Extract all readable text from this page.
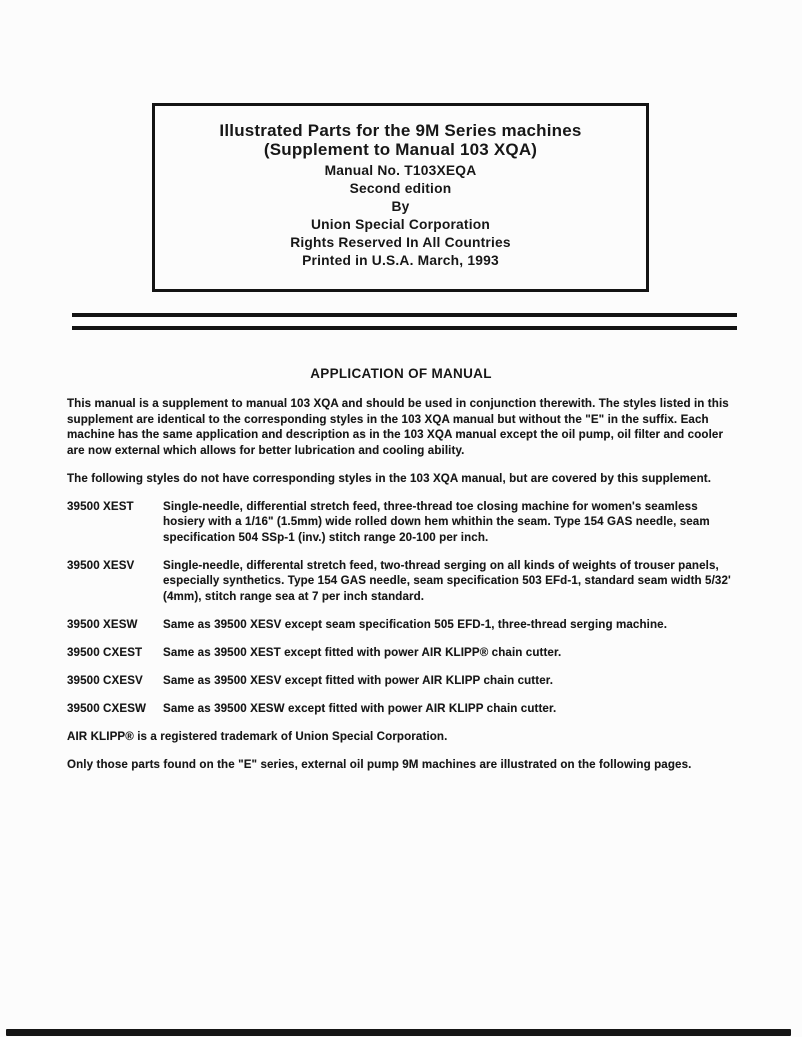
Illustrated Parts for the 9M Series machines
(Supplement to Manual 103 XQA)
Manual No. T103XEQA
Second edition
By
Union Special Corporation
Rights Reserved In All Countries
Printed in U.S.A. March, 1993
APPLICATION OF MANUAL

This manual is a supplement to manual 103 XQA and should be used in conjunction therewith. The styles listed in this supplement are identical to the corresponding styles in the 103 XQA manual but without the "E" in the suffix. Each machine has the same application and description as in the 103 XQA manual except the oil pump, oil filter and cooler are now external which allows for better lubrication and cooling ability.

The following styles do not have corresponding styles in the 103 XQA manual, but are covered by this supplement.

39500 XEST	Single-needle, differential stretch feed, three-thread toe closing machine for women's seamless hosiery with a 1/16" (1.5mm) wide rolled down hem whithin the seam. Type 154 GAS needle, seam specification 504 SSp-1 (inv.) stitch range 20-100 per inch.
39500 XESV	Single-needle, differental stretch feed, two-thread serging on all kinds of weights of trouser panels, especially synthetics. Type 154 GAS needle, seam specification 503 EFd-1, standard seam width 5/32' (4mm), stitch range sea at 7 per inch standard.
39500 XESW	Same as 39500 XESV except seam specification 505 EFD-1, three-thread serging machine.
39500 CXEST	Same as 39500 XEST except fitted with power AIR KLIPP® chain cutter.
39500 CXESV	Same as 39500 XESV except fitted with power AIR KLIPP chain cutter.
39500 CXESW	Same as 39500 XESW except fitted with power AIR KLIPP chain cutter.

AIR KLIPP® is a registered trademark of Union Special Corporation.

Only those parts found on the "E" series, external oil pump 9M machines are illustrated on the following pages.
